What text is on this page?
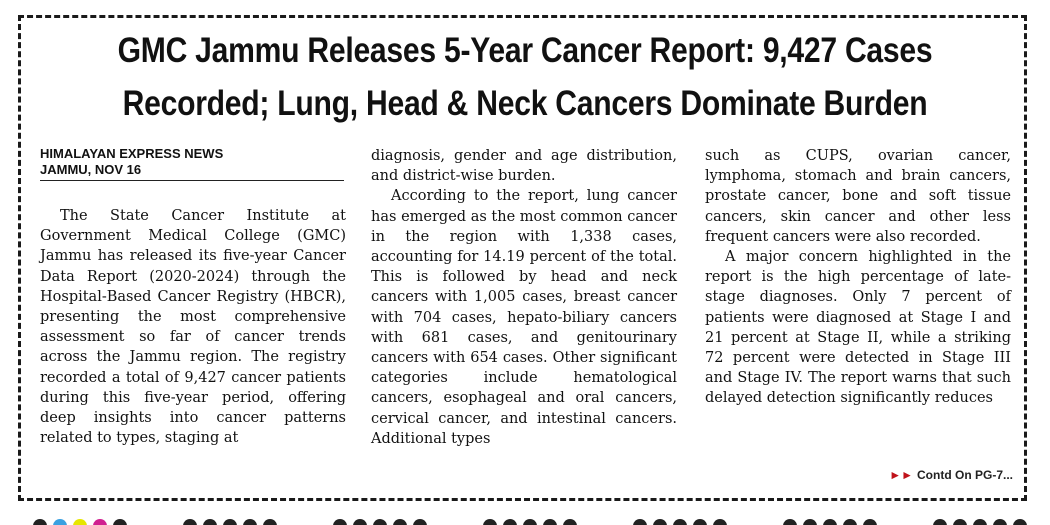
GMC Jammu Releases 5-Year Cancer Report: 9,427 Cases
Recorded; Lung, Head & Neck Cancers Dominate Burden
HIMALAYAN EXPRESS NEWS
JAMMU, NOV 16

The State Cancer Institute at Government Medical College (GMC) Jammu has released its five-year Cancer Data Report (2020-2024) through the Hospital-Based Cancer Registry (HBCR), presenting the most comprehensive assessment so far of cancer trends across the Jammu region. The registry recorded a total of 9,427 cancer patients during this five-year period, offering deep insights into cancer patterns related to types, staging at

diagnosis, gender and age distribution, and district-wise burden.

According to the report, lung cancer has emerged as the most common cancer in the region with 1,338 cases, accounting for 14.19 percent of the total. This is followed by head and neck cancers with 1,005 cases, breast cancer with 704 cases, hepato-biliary cancers with 681 cases, and genitourinary cancers with 654 cases. Other significant categories include hematological cancers, esophageal and oral cancers, cervical cancer, and intestinal cancers. Additional types

such as CUPS, ovarian cancer, lymphoma, stomach and brain cancers, prostate cancer, bone and soft tissue cancers, skin cancer and other less frequent cancers were also recorded.

A major concern highlighted in the report is the high percentage of late-stage diagnoses. Only 7 percent of patients were diagnosed at Stage I and 21 percent at Stage II, while a striking 72 percent were detected in Stage III and Stage IV. The report warns that such delayed detection significantly reduces

►► Contd On PG-7...
